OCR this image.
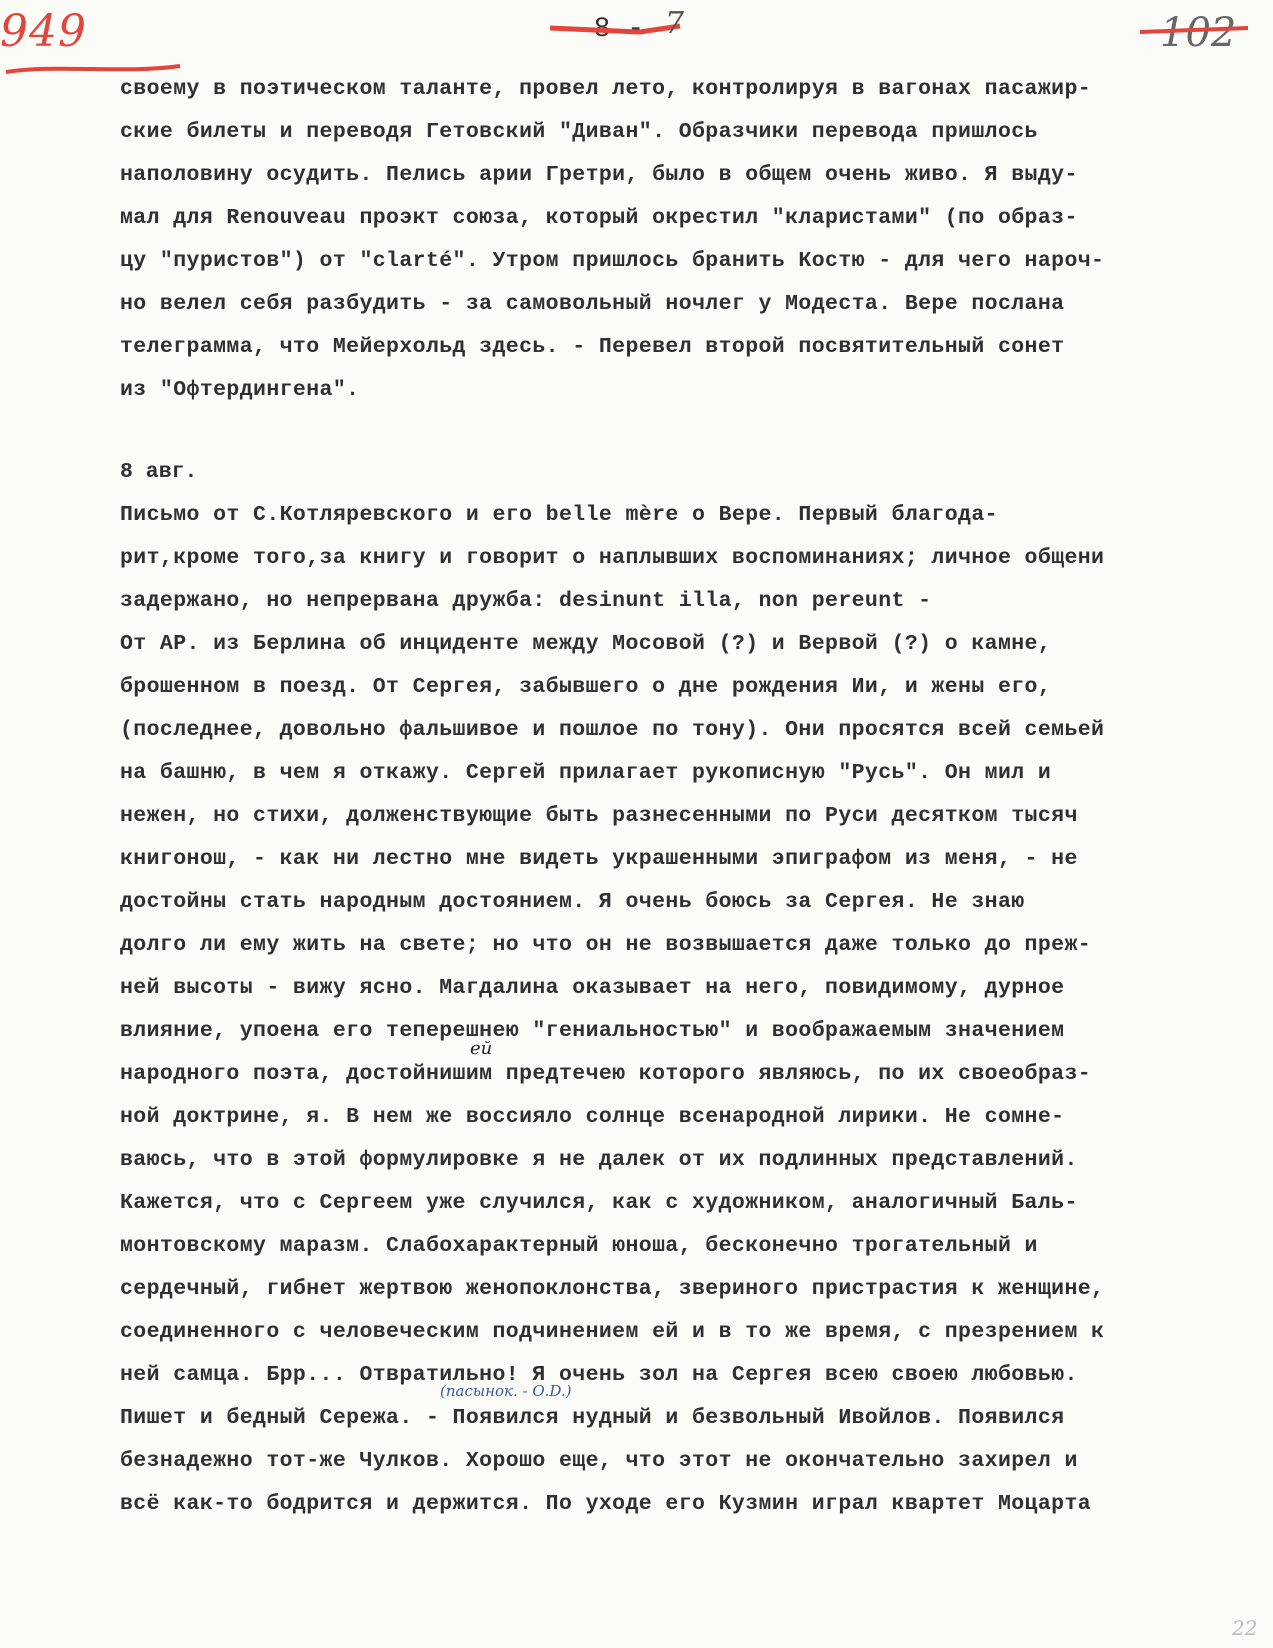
949	- 8 - 7	102
своему в поэтическом таланте, провел лето, контролируя в вагонах пасажир-
ские билеты и переводя Гетовский "Диван". Образчики перевода пришлось
наполовину осудить. Пелись арии Гретри, было в общем очень живо. Я выду-
мал для Renouveau проэкт союза, который окрестил "кларистами" (по образ-
цу "пуристов") от "clarté". Утром пришлось бранить Костю - для чего нароч-
но велел себя разбудить - за самовольный ночлег у Модеста. Вере послана
телеграмма, что Мейерхольд здесь. - Перевел второй посвятительный сонет
из "Офтердингена".
8 авг.
Письмо от С.Котляревского и его belle mère о Вере. Первый благода-
рит,кроме того,за книгу и говорит о наплывших воспоминаниях; личное общени
задержано, но непрервана дружба: desinunt illa, non pereunt -
От АР. из Берлина об инциденте между Мосовой (?) и Вервой (?) о камне,
брошенном в поезд. От Сергея, забывшего о дне рождения Ии, и жены его,
(последнее, довольно фальшивое и пошлое по тону). Они просятся всей семьей
на башню, в чем я откажу. Сергей прилагает рукописную "Русь". Он мил и
нежен, но стихи, долженствующие быть разнесенными по Руси десятком тысяч
книгонош, - как ни лестно мне видеть украшенными эпиграфом из меня, - не
достойны стать народным достоянием. Я очень боюсь за Сергея. Не знаю
долго ли ему жить на свете; но что он не возвышается даже только до преж-
ней высоты - вижу ясно. Магдалина оказывает на него, повидимому, дурное
влияние, упоена его теперешнею "гениальностью" и воображаемым значением
народного поэта, достойнишим предтечею которого являюсь, по их своеобраз-
ной доктрине, я. В нем же воссияло солнце всенародной лирики. Не сомне-
ваюсь, что в этой формулировке я не далек от их подлинных представлений.
Кажется, что с Сергеем уже случился, как с художником, аналогичный Баль-
монтовскому маразм. Слабохарактерный юноша, бесконечно трогательный и
сердечный, гибнет жертвою женопоклонства, звериного пристрастия к женщине,
соединенного с человеческим подчинением ей и в то же время, с презрением к
ней самца. Брр... Отвратильно! Я очень зол на Сергея всею своею любовью.
Пишет и бедный Сережа. - Появился нудный и безвольный Ивойлов. Появился
безнадежно тот-же Чулков. Хорошо еще, что этот не окончательно захирел и
всё как-то бодрится и держится. По уходе его Кузмин играл квартет Моцарта
ей
(пасынок. - О.D.)
22
